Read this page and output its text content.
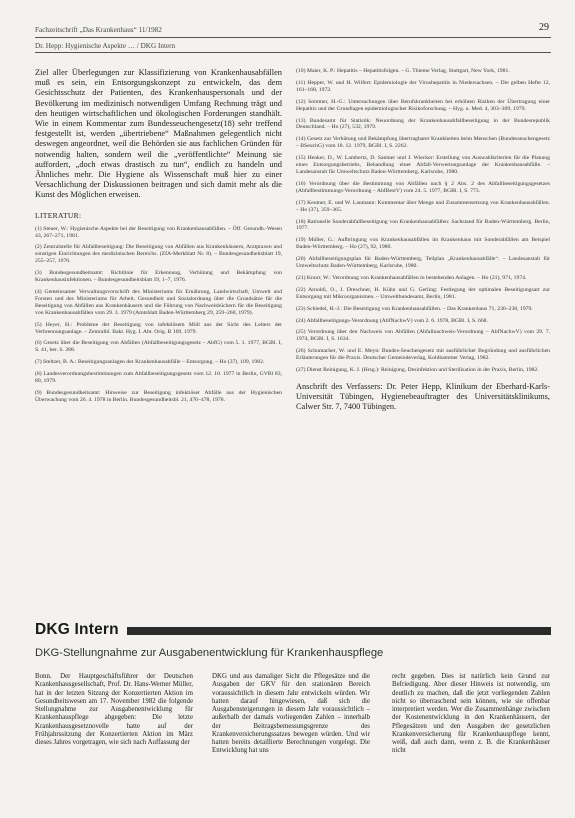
Fachzeitschrift „Das Krankenhaus“ 11/1982	29
Dr. Hepp: Hygienische Aspekte … / DKG Intern

Ziel aller Überlegungen zur Klassifizierung von Krankenhausabfällen muß es sein, ein Entsorgungskonzept zu entwickeln, das dem Gesichtsschutz der Patienten, des Krankenhauspersonals und der Bevölkerung im medizinisch notwendigen Umfang Rechnung trägt und den heutigen wirtschaftlichen und ökologischen Forderungen standhält. Wie in einem Kommentar zum Bundesseuchengesetz(18) sehr treffend festgestellt ist, werden „übertriebene“ Maßnahmen gelegentlich nicht deswegen angeordnet, weil die Behörden sie aus fachlichen Gründen für notwendig halten, sondern weil die „veröffentlichte“ Meinung sie auffordert, „doch etwas drastisch zu tun“, endlich zu handeln und Ähnliches mehr. Die Hygiene als Wissenschaft muß hier zu einer Versachlichung der Diskussionen beitragen und sich damit mehr als die Kunst des Möglichen erweisen.

LITERATUR:

(1) Steuer, W.: Hygienische Aspekte bei der Beseitigung von Krankenhausabfällen. – Öff. Gesundh.-Wesen 43, 267–271, 1981.

(2) Zentralstelle für Abfallbeseitigung: Die Beseitigung von Abfällen aus Krankenhäusern, Arztpraxen und sonstigen Einrichtungen des medizinischen Bereichs. (ZfA-Merkblatt Nr. 8). – Bundesgesundheitsblatt 19, 255–257, 1976.

(3) Bundesgesundheitsamt: Richtlinie für Erkennung, Verhütung und Bekämpfung von Krankenhausinfektionen. – Bundesgesundheitsblatt 19, 1–7, 1976.

(4) Gemeinsamer Verwaltungsvorschrift des Ministeriums für Ernährung, Landwirtschaft, Umwelt und Forsten und des Ministeriums für Arbeit, Gesundheit und Sozialordnung über die Grundsätze für die Beseitigung von Abfällen aus Krankenhäusern und die Führung von Nachweisbüchern für die Beseitigung von Krankenhausabfällen vom 29. 3. 1979 (Amtsblatt Baden-Württemberg 29, 259–260, 1979).

(5) Heyer, H.: Probleme der Beseitigung von infektiösem Müll aus der Sicht des Leiters der Verbrennungsanlage. – Zentralbl. Bakt. Hyg. I. Abt. Orig. B 169, 1979.

(6) Gesetz über die Beseitigung von Abfällen (Abfallbeseitigungsgesetz – AbfG) vom 5. 1. 1977, BGBl. I, S. 41, ber. S. 288.

(7) Steltzer, B. A.: Beseitigungsanlagen der Krankenhausabfälle – Entsorgung. – Ho (37), 109, 1982.

(8) Landesverordnungsbestimmungen zum Abfallbeseitigungsgesetz vom 12. 10. 1977 in Berlin, GVBl 83, 80, 1979.

(9) Bundesgesundheitsamt: Hinweise zur Beseitigung infektiöser Abfälle aus der Hygienischen Überwachung vom 26. 4. 1978 in Berlin. Bundesgesundheitsbl. 21, 476–478, 1978.

(10) Maier, K. P.: Hepatitis – Hepatitisfolgen. – G. Thieme Verlag, Stuttgart, New York, 1981.

(11) Hepper, W. und H. Wilfert: Epidemiologie der Virushepatitis in Niedersachsen. – Die gelben Hefte 12, 161–168, 1972.

(12) Sommer, H.-G.: Untersuchungen über Berufskrankheiten bei erhöhten Risiken der Übertragung einer Hepatitis und der Grundlagen epidemiologischer Risikoforschung. – Hyg. u. Med. 4, 303–309, 1979.

(13) Bundesamt für Statistik: Neuordnung der Krankenhausabfallbeseitigung in der Bundesrepublik Deutschland. – Ho (27), 532, 1979.

(14) Gesetz zur Verhütung und Bekämpfung übertragbarer Krankheiten beim Menschen (Bundesseuchengesetz – BSeuchG) vom 18. 12. 1979, BGBl. I, S. 2262.

(15) Henker, D., W. Lambertz, D. Santner und J. Wiecker: Erstellung von Auswahlkriterien für die Planung eines Entsorgungsbetriebs, Behandlung einer Abfall-Verwertungsanlage der Krankenhausabfälle. – Landesanstalt für Umweltschutz Baden-Württemberg, Karlsruhe, 1980.

(16) Verordnung über die Bestimmung von Abfällen nach § 2 Abs. 2 des Abfallbeseitigungsgesetzes (Abfallbestimmungs-Verordnung – AbfBestV) vom 24. 5. 1977, BGBl. I, S. 773.

(17) Keutner, E. und W. Laumann: Kommentar über Menge und Zusammensetzung von Krankenhausabfällen. – Ho (37), 359–365.

(18) Rationelle Sonderabfallbeseitigung von Krankenhausabfällen: Sachstand für Baden-Württemberg. Berlin, 1977.

(19) Müller, G.: Aufbringung von Krankenhausabfällen im Krankenhaus mit Sonderabfällen am Beispiel Baden-Württemberg. – Ho (27), 92, 1980.

(20) Abfallbeseitigungsplan für Baden-Württemberg, Teilplan „Krankenhausabfälle“. – Landesanstalt für Umweltschutz Baden-Württemberg, Karlsruhe, 1980.

(21) Knorr, W.: Verordnung von Krankenhausabfällen in bestehenden Anlagen. – Ho (21), 971, 1974.

(22) Arnoldi, O., J. Dreschner, H. Kühn und G. Gerling: Festlegung der optimalen Beseitigungsart zur Entsorgung mit Mikroorganismen. – Umweltbundesamt, Berlin, 1981.

(23) Schiedel, H.-J.: Die Beseitigung von Krankenhausabfällen. – Das Krankenhaus 71, 236–238, 1979.

(24) Abfallbeseitigungs-Verordnung (AbfNachwV) vom 2. 6. 1978, BGBl. I, S. 668.

(25) Verordnung über den Nachweis von Abfällen (Abfallnachweis-Verordnung – AbfNachwV) vom 29. 7. 1974, BGBl. I, S. 1634.

(26) Schumacher, W. und E. Meyn: Bundes-Seuchengesetz mit ausführlicher Begründung und ausführlichen Erläuterungen für die Praxis. Deutscher Gemeindeverlag, Kohlhammer Verlag, 1982.

(27) Dienst Reinigung, K. J. (Hrsg.): Reinigung, Desinfektion und Sterilisation in der Praxis, Berlin, 1982.

Anschrift des Verfassers: Dr. Peter Hepp, Klinikum der Eberhard-Karls-Universität Tübingen, Hygienebeauftragter des Universitätsklinikums, Calwer Str. 7, 7400 Tübingen.

DKG Intern
DKG-Stellungnahme zur Ausgabenentwicklung für Krankenhauspflege

Bonn. Der Hauptgeschäftsführer der Deutschen Krankenhausgesellschaft, Prof. Dr. Hans-Werner Müller, hat in der letzten Sitzung der Konzertierten Aktion im Gesundheitswesen am 17. November 1982 die folgende Stellungnahme zur Ausgabenentwicklung für Krankenhauspflege abgegeben: Die letzte Krankenhausgesetznovelle hatte auf der Frühjahrssitzung der Konzertierten Aktion im März dieses Jahres vorgetragen, wie sich nach Auffassung der

DKG und aus damaliger Sicht die Pflegesätze und die Ausgaben der GKV für den stationären Bereich voraussichtlich in diesem Jahr entwickeln würden. Wir hatten darauf hingewiesen, daß sich die Ausgabensteigerungen in diesem Jahr voraussichtlich – außerhalb der damals vorliegenden Zahlen – innerhalb der Beitragsbemessungsgrenze des Krankenversicherungssatzes bewegen würden. Und wir hatten bereits detaillierte Berechnungen vorgelegt. Die Entwicklung hat uns

recht gegeben. Dies ist natürlich kein Grund zur Befriedigung. Aber dieser Hinweis ist notwendig, um deutlich zu machen, daß die jetzt vorliegenden Zahlen nicht so überraschend sein können, wie sie offenbar interpretiert werden. Wer die Zusammenhänge zwischen der Kostenentwicklung in den Krankenhäusern, der Pflegesätzen und den Ausgaben der gesetzlichen Krankenversicherung für Krankenhauspflege kennt, weiß, daß auch dann, wenn z. B. die Krankenhäuser nicht
